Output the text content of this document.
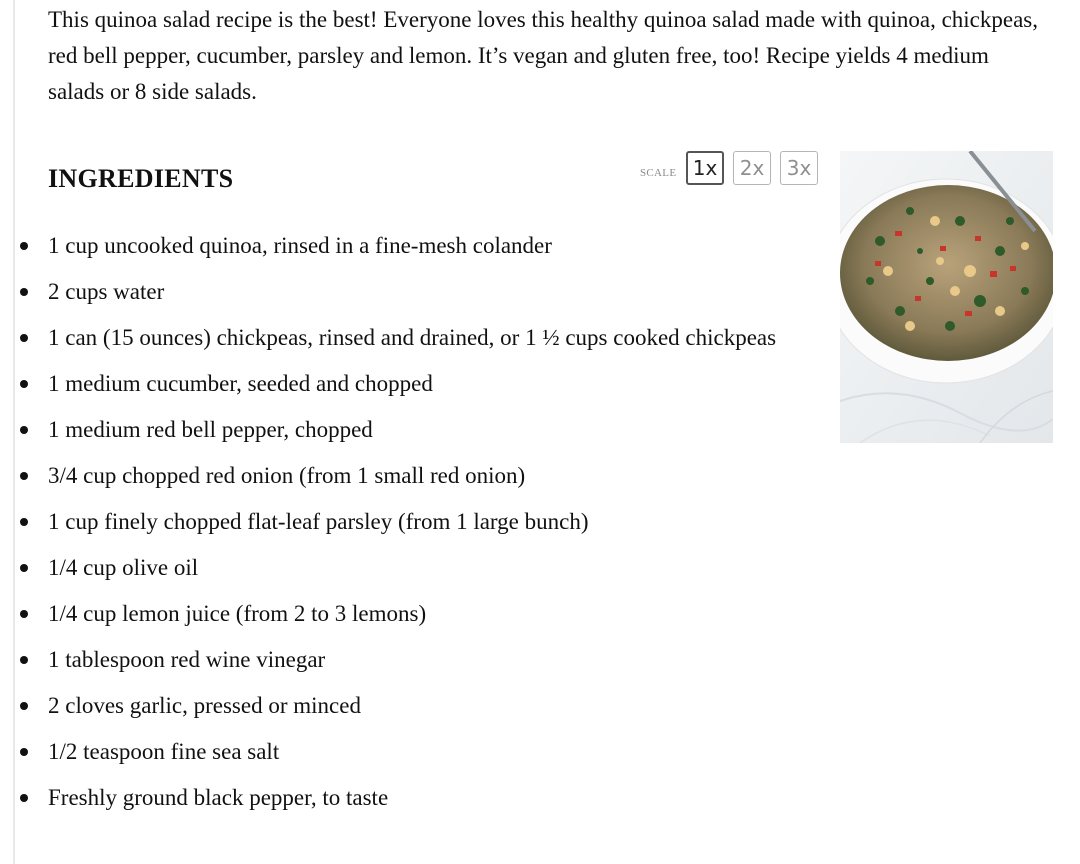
This quinoa salad recipe is the best! Everyone loves this healthy quinoa salad made with quinoa, chickpeas, red bell pepper, cucumber, parsley and lemon. It’s vegan and gluten free, too! Recipe yields 4 medium salads or 8 side salads.

INGREDIENTS	SCALE 1x	2x	3x
1 cup uncooked quinoa, rinsed in a fine-mesh colander
2 cups water
1 can (15 ounces) chickpeas, rinsed and drained, or 1 ½ cups cooked chickpeas
1 medium cucumber, seeded and chopped
1 medium red bell pepper, chopped
3/4 cup chopped red onion (from 1 small red onion)
1 cup finely chopped flat-leaf parsley (from 1 large bunch)
1/4 cup olive oil
1/4 cup lemon juice (from 2 to 3 lemons)
1 tablespoon red wine vinegar
2 cloves garlic, pressed or minced
1/2 teaspoon fine sea salt
Freshly ground black pepper, to taste
